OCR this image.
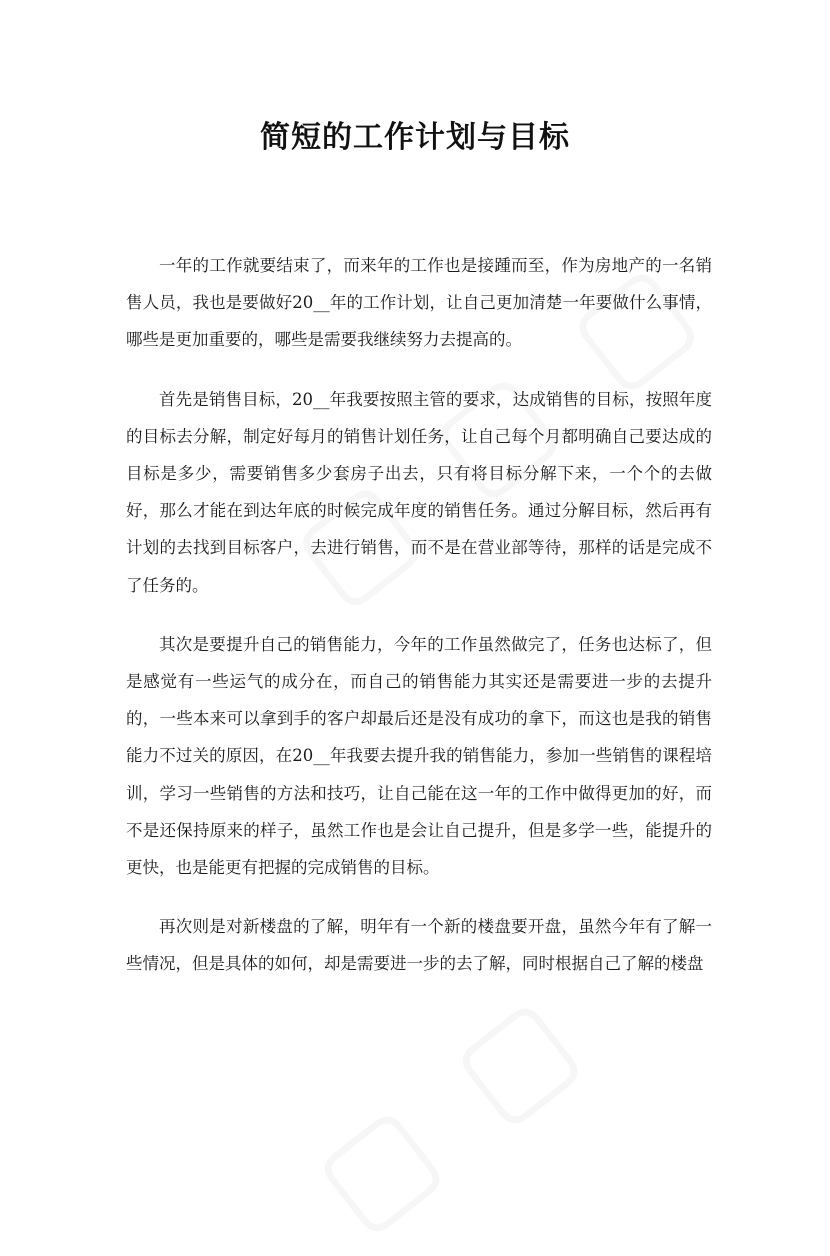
简短的工作计划与目标

一年的工作就要结束了，而来年的工作也是接踵而至，作为房地产的一名销售人员，我也是要做好20__年的工作计划，让自己更加清楚一年要做什么事情，哪些是更加重要的，哪些是需要我继续努力去提高的。

首先是销售目标，20__年我要按照主管的要求，达成销售的目标，按照年度的目标去分解，制定好每月的销售计划任务，让自己每个月都明确自己要达成的目标是多少，需要销售多少套房子出去，只有将目标分解下来，一个个的去做好，那么才能在到达年底的时候完成年度的销售任务。通过分解目标，然后再有计划的去找到目标客户，去进行销售，而不是在营业部等待，那样的话是完成不了任务的。

其次是要提升自己的销售能力，今年的工作虽然做完了，任务也达标了，但是感觉有一些运气的成分在，而自己的销售能力其实还是需要进一步的去提升的，一些本来可以拿到手的客户却最后还是没有成功的拿下，而这也是我的销售能力不过关的原因，在20__年我要去提升我的销售能力，参加一些销售的课程培训，学习一些销售的方法和技巧，让自己能在这一年的工作中做得更加的好，而不是还保持原来的样子，虽然工作也是会让自己提升，但是多学一些，能提升的更快，也是能更有把握的完成销售的目标。

再次则是对新楼盘的了解，明年有一个新的楼盘要开盘，虽然今年有了解一些情况，但是具体的如何，却是需要进一步的去了解，同时根据自己了解的楼盘
